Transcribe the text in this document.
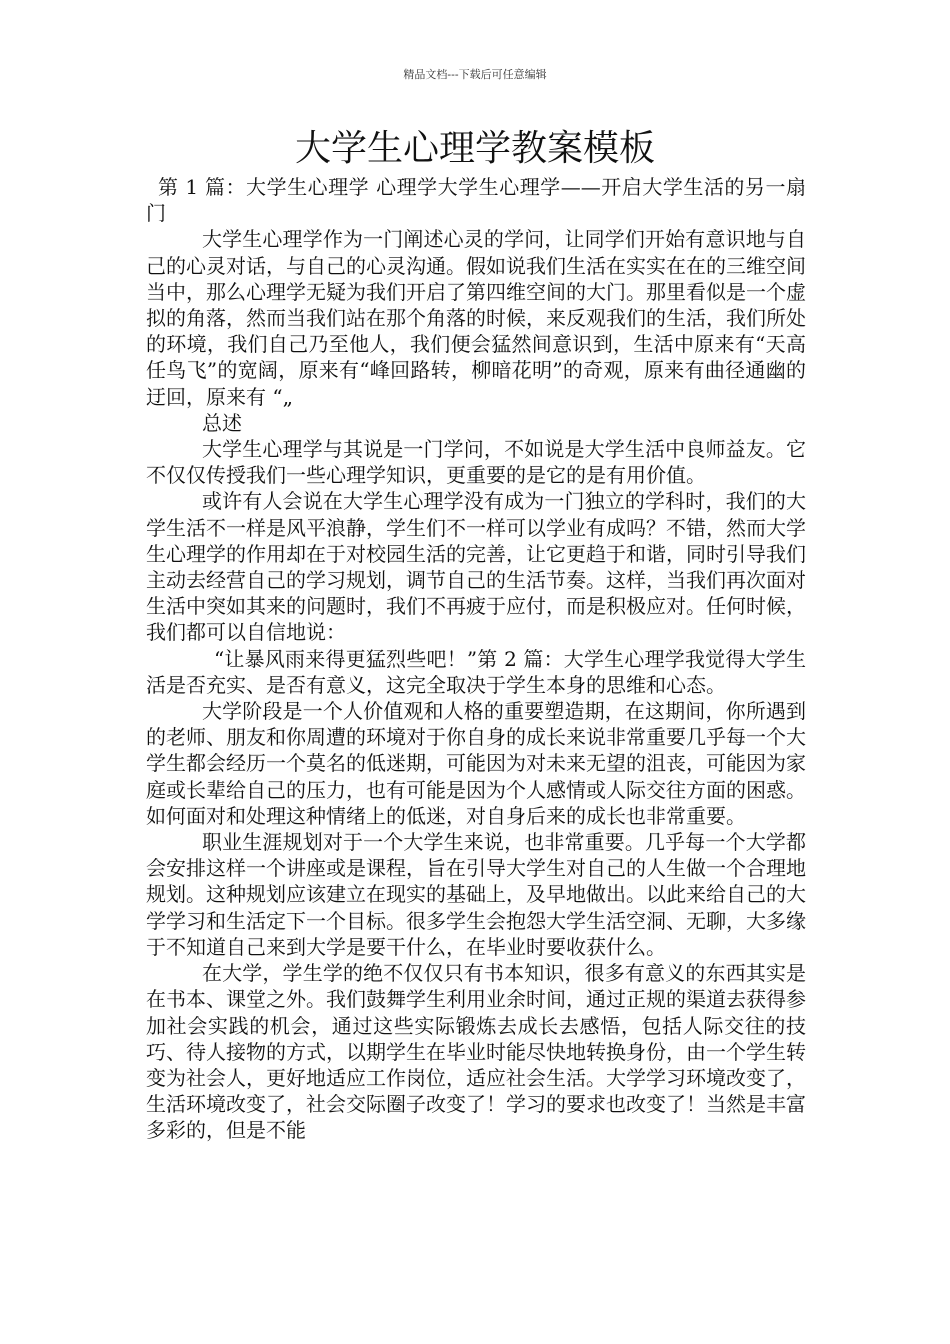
精品文档---下载后可任意编辑
大学生心理学教案模板

第 1 篇：大学生心理学 心理学大学生心理学——开启大学生活的另一扇门

大学生心理学作为一门阐述心灵的学问，让同学们开始有意识地与自己的心灵对话，与自己的心灵沟通。假如说我们生活在实实在在的三维空间当中，那么心理学无疑为我们开启了第四维空间的大门。那里看似是一个虚拟的角落，然而当我们站在那个角落的时候，来反观我们的生活，我们所处的环境，我们自己乃至他人，我们便会猛然间意识到，生活中原来有“天高任鸟飞”的宽阔，原来有“峰回路转，柳暗花明”的奇观，原来有曲径通幽的迂回，原来有 “„

总述

大学生心理学与其说是一门学问，不如说是大学生活中良师益友。它不仅仅传授我们一些心理学知识，更重要的是它的是有用价值。

或许有人会说在大学生心理学没有成为一门独立的学科时，我们的大学生活不一样是风平浪静，学生们不一样可以学业有成吗？不错，然而大学生心理学的作用却在于对校园生活的完善，让它更趋于和谐，同时引导我们主动去经营自己的学习规划，调节自己的生活节奏。这样，当我们再次面对生活中突如其来的问题时，我们不再疲于应付，而是积极应对。任何时候，我们都可以自信地说：

“让暴风雨来得更猛烈些吧！”第 2 篇：大学生心理学我觉得大学生活是否充实、是否有意义，这完全取决于学生本身的思维和心态。

大学阶段是一个人价值观和人格的重要塑造期，在这期间，你所遇到的老师、朋友和你周遭的环境对于你自身的成长来说非常重要几乎每一个大学生都会经历一个莫名的低迷期，可能因为对未来无望的沮丧，可能因为家庭或长辈给自己的压力，也有可能是因为个人感情或人际交往方面的困惑。如何面对和处理这种情绪上的低迷，对自身后来的成长也非常重要。

职业生涯规划对于一个大学生来说，也非常重要。几乎每一个大学都会安排这样一个讲座或是课程，旨在引导大学生对自己的人生做一个合理地规划。这种规划应该建立在现实的基础上，及早地做出。以此来给自己的大学学习和生活定下一个目标。很多学生会抱怨大学生活空洞、无聊，大多缘于不知道自己来到大学是要干什么，在毕业时要收获什么。

在大学，学生学的绝不仅仅只有书本知识，很多有意义的东西其实是在书本、课堂之外。我们鼓舞学生利用业余时间，通过正规的渠道去获得参加社会实践的机会，通过这些实际锻炼去成长去感悟，包括人际交往的技巧、待人接物的方式，以期学生在毕业时能尽快地转换身份，由一个学生转变为社会人，更好地适应工作岗位，适应社会生活。大学学习环境改变了，生活环境改变了，社会交际圈子改变了！学习的要求也改变了！当然是丰富多彩的，但是不能
